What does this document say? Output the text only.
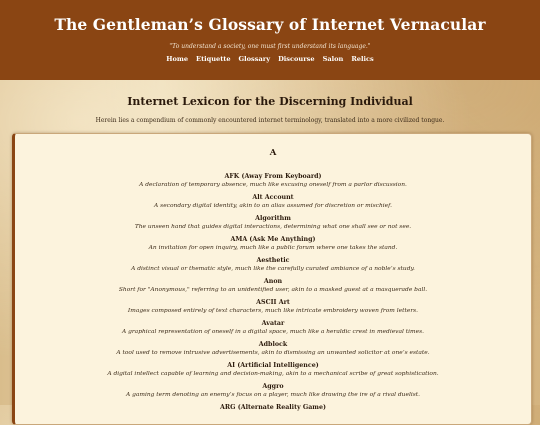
The Gentleman’s Glossary of Internet Vernacular
"To understand a society, one must first understand its language."
Home Etiquette Glossary Discourse Salon Relics
Internet Lexicon for the Discerning Individual
Herein lies a compendium of commonly encountered internet terminology, translated into a more civilized tongue.
A
AFK (Away From Keyboard)
A declaration of temporary absence, much like excusing oneself from a parlor discussion.
Alt Account
A secondary digital identity, akin to an alias assumed for discretion or mischief.
Algorithm
The unseen hand that guides digital interactions, determining what one shall see or not see.
AMA (Ask Me Anything)
An invitation for open inquiry, much like a public forum where one takes the stand.
Aesthetic
A distinct visual or thematic style, much like the carefully curated ambiance of a noble’s study.
Anon
Short for "Anonymous," referring to an unidentified user, akin to a masked guest at a masquerade ball.
ASCII Art
Images composed entirely of text characters, much like intricate embroidery woven from letters.
Avatar
A graphical representation of oneself in a digital space, much like a heraldic crest in medieval times.
Adblock
A tool used to remove intrusive advertisements, akin to dismissing an unwanted solicitor at one’s estate.
AI (Artificial Intelligence)
A digital intellect capable of learning and decision-making, akin to a mechanical scribe of great sophistication.
Aggro
A gaming term denoting an enemy’s focus on a player, much like drawing the ire of a rival duelist.
ARG (Alternate Reality Game)
